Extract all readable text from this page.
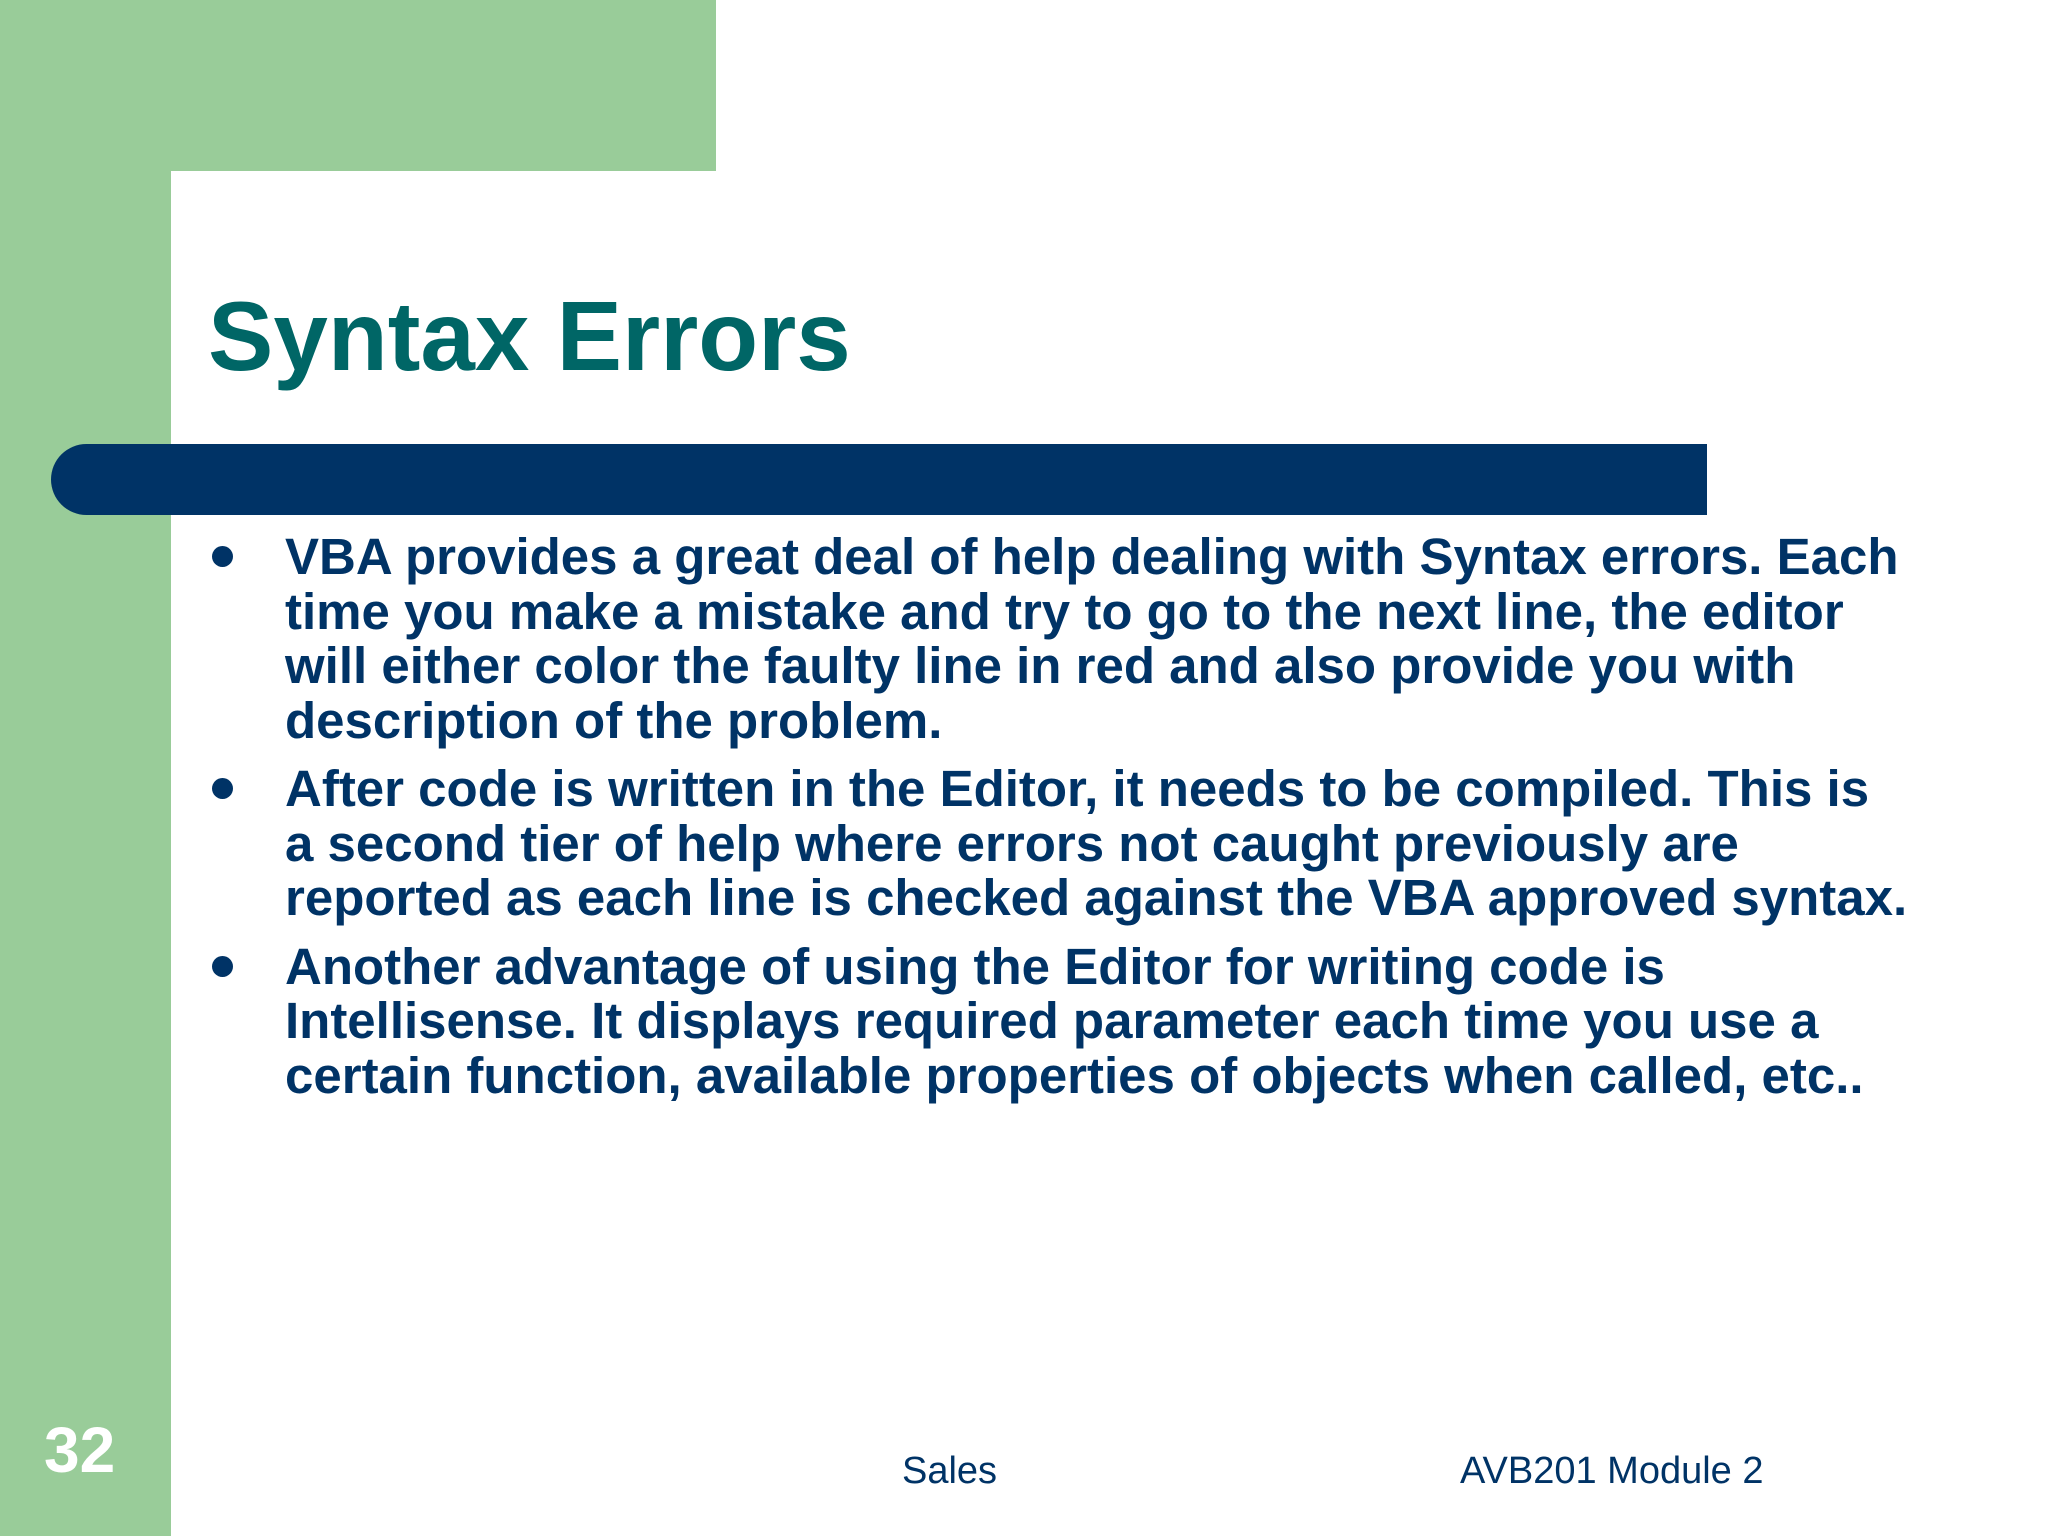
Syntax Errors
VBA provides a great deal of help dealing with Syntax errors. Each time you make a mistake and try to go to the next line, the editor will either color the faulty line in red and also provide you with description of the problem.
After code is written in the Editor, it needs to be compiled. This is a second tier of help where errors not caught previously are reported as each line is checked against the VBA approved syntax.
Another advantage of using the Editor for writing code is Intellisense. It displays required parameter each time you use a certain function, available properties of objects when called, etc..
32	Sales	AVB201 Module 2
